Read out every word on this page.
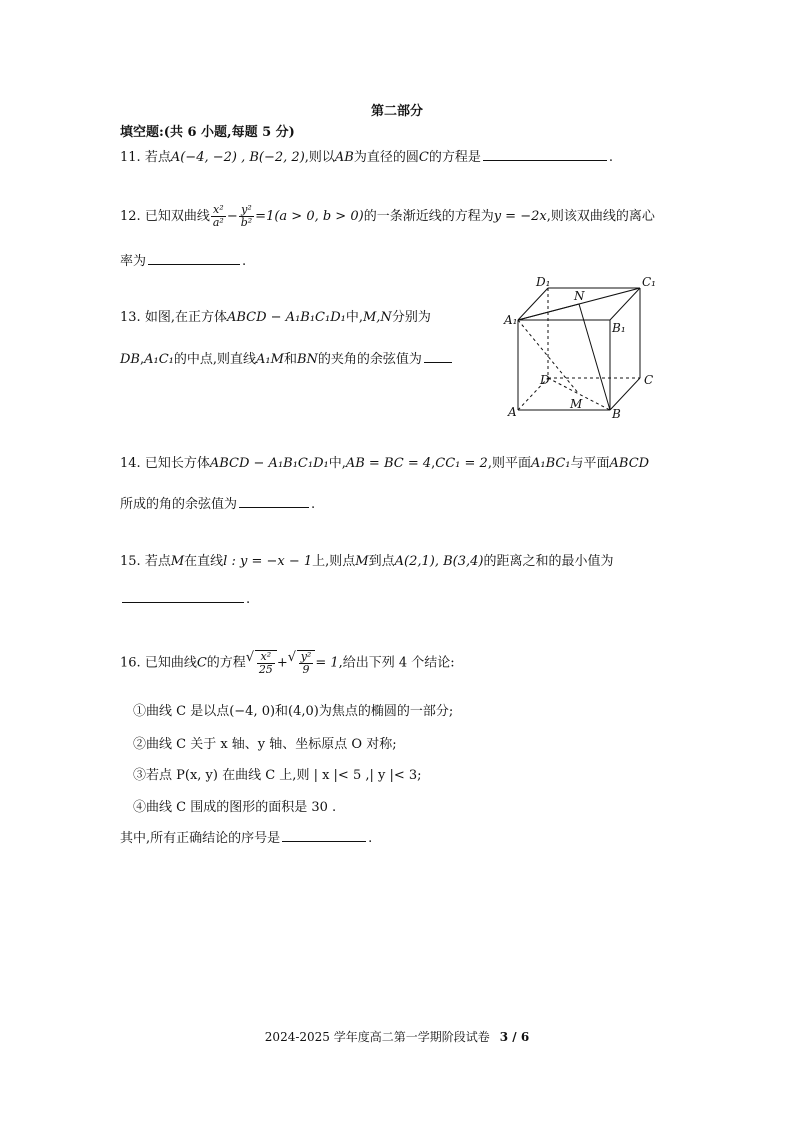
第二部分
填空题:(共 6 小题,每题 5 分)
11. 若点A(−4, −2) , B(−2, 2),则以AB为直径的圆C的方程是	.
12. 已知双曲线 $\frac{\text{x²}}{\text{a²}} - \frac{\text{y²}}{\text{b²}} =1(a > 0$, b > 0)的一条渐近线的方程为y = −2x,则该双曲线的离心
率为	.
13. 如图,在正方体ABCD − A₁B₁C₁D₁中,M,N分别为
DB,A₁C₁的中点,则直线A₁M和BN的夹角的余弦值为
D₁	C₁
N
A₁
B₁
D	C
M
A	B
14. 已知长方体ABCD − A₁B₁C₁D₁中,AB = BC = 4,CC₁ = 2,则平面A₁BC₁与平面ABCD
所成的角的余弦值为	.
15. 若点M在直线l : y = −x − 1上,则点M到点A(2,1), B(3,4)的距离之和的最小值为
.
16. 已知曲线C的方程 √ $\frac{\text{x²}}{25}$ + √ $\frac{\text{y²}}{9} = 1$,给出下列 4 个结论:
①曲线 C 是以点(−4, 0)和(4,0)为焦点的椭圆的一部分;
②曲线 C 关于 x 轴、y 轴、坐标原点 O 对称;
③若点 P(x, y) 在曲线 C 上,则 | x |< 5 ,| y |< 3;
④曲线 C 围成的图形的面积是 30 .
其中,所有正确结论的序号是	.
2024-2025 学年度高二第一学期阶段试卷 3 / 6
